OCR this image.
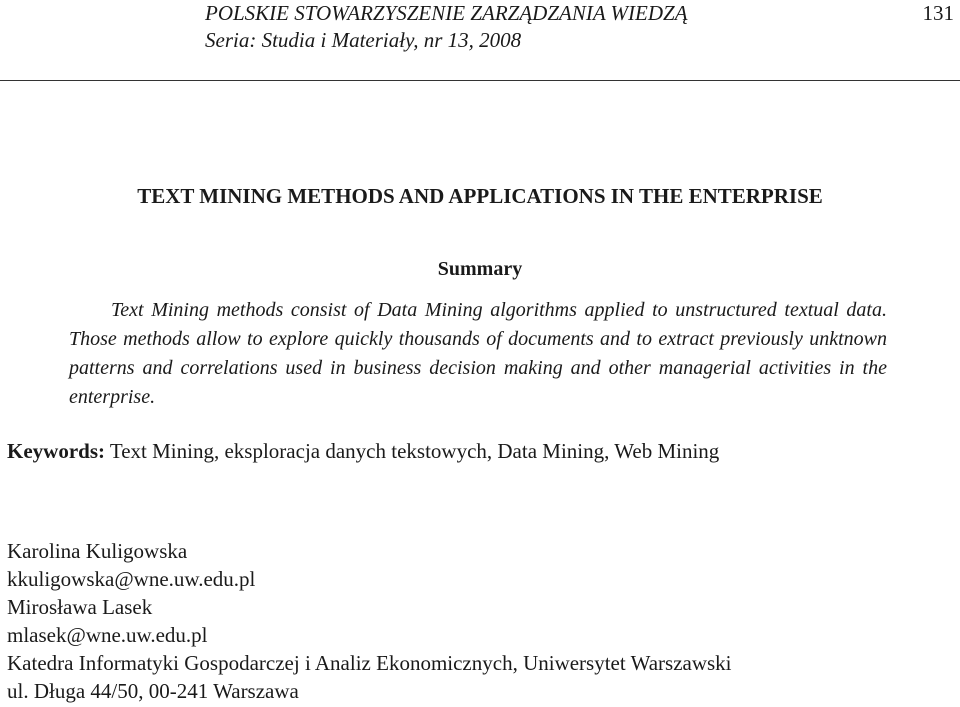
POLSKIE STOWARZYSZENIE ZARZĄDZANIA WIEDZĄ
Seria: Studia i Materiały, nr 13, 2008
131
TEXT MINING METHODS AND APPLICATIONS IN THE ENTERPRISE
Summary

Text Mining methods consist of Data Mining algorithms applied to unstructured textual data. Those methods allow to explore quickly thousands of documents and to extract previously unktnown patterns and correlations used in business decision making and other managerial activities in the enterprise.

Keywords: Text Mining, eksploracja danych tekstowych, Data Mining, Web Mining
Karolina Kuligowska
kkuligowska@wne.uw.edu.pl
Mirosława Lasek
mlasek@wne.uw.edu.pl
Katedra Informatyki Gospodarczej i Analiz Ekonomicznych, Uniwersytet Warszawski
ul. Długa 44/50, 00-241 Warszawa
